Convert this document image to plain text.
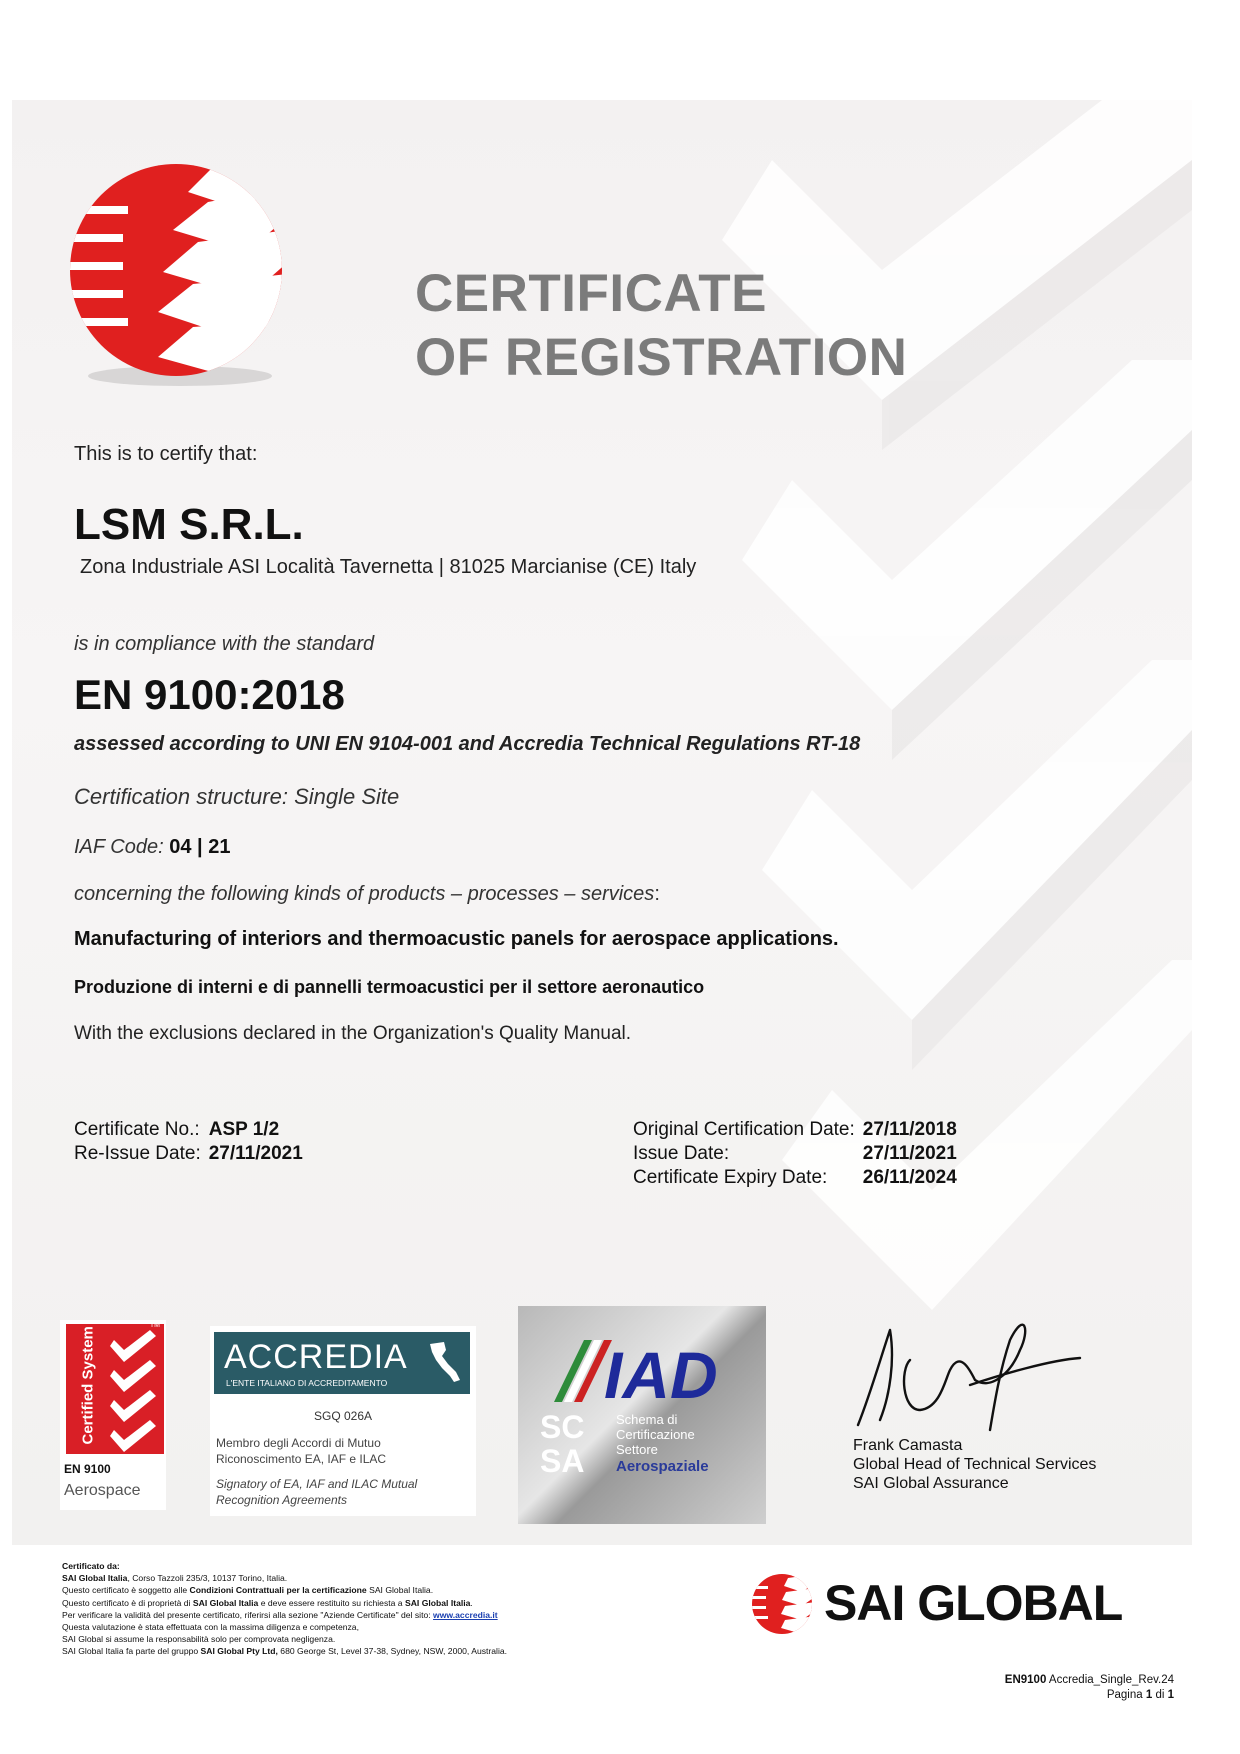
CERTIFICATE
OF REGISTRATION
This is to certify that:
LSM S.R.L.
Zona Industriale ASI Località Tavernetta | 81025 Marcianise (CE) Italy
is in compliance with the standard
EN 9100:2018
assessed according to UNI EN 9104-001 and Accredia Technical Regulations RT-18
Certification structure: Single Site
IAF Code: 04 | 21
concerning the following kinds of products – processes – services:
Manufacturing of interiors and thermoacustic panels for aerospace applications.
Produzione di interni e di pannelli termoacustici per il settore aeronautico
With the exclusions declared in the Organization's Quality Manual.
Certificate No.:	ASP 1/2
Re-Issue Date:	27/11/2021
Original Certification Date:	27/11/2018
Issue Date:	27/11/2021
Certificate Expiry Date:	26/11/2024
Certified System
TM
EN 9100
Aerospace
ACCREDIA
L'ENTE ITALIANO DI ACCREDITAMENTO
SGQ 026A
Membro degli Accordi di Mutuo
Riconoscimento EA, IAF e ILAC
Signatory of EA, IAF and ILAC Mutual
Recognition Agreements
IAD
SC
SA
Schema di
Certificazione
Settore
Aerospaziale
Frank Camasta
Global Head of Technical Services
SAI Global Assurance
Certificato da:
SAI Global Italia, Corso Tazzoli 235/3, 10137 Torino, Italia.
Questo certificato è soggetto alle Condizioni Contrattuali per la certificazione SAI Global Italia.
Questo certificato è di proprietà di SAI Global Italia e deve essere restituito su richiesta a SAI Global Italia.
Per verificare la validità del presente certificato, riferirsi alla sezione "Aziende Certificate" del sito: www.accredia.it
Questa valutazione è stata effettuata con la massima diligenza e competenza,
SAI Global si assume la responsabilità solo per comprovata negligenza.
SAI Global Italia fa parte del gruppo SAI Global Pty Ltd, 680 George St, Level 37-38, Sydney, NSW, 2000, Australia.
SAI GLOBAL
EN9100 Accredia_Single_Rev.24
Pagina 1 di 1
